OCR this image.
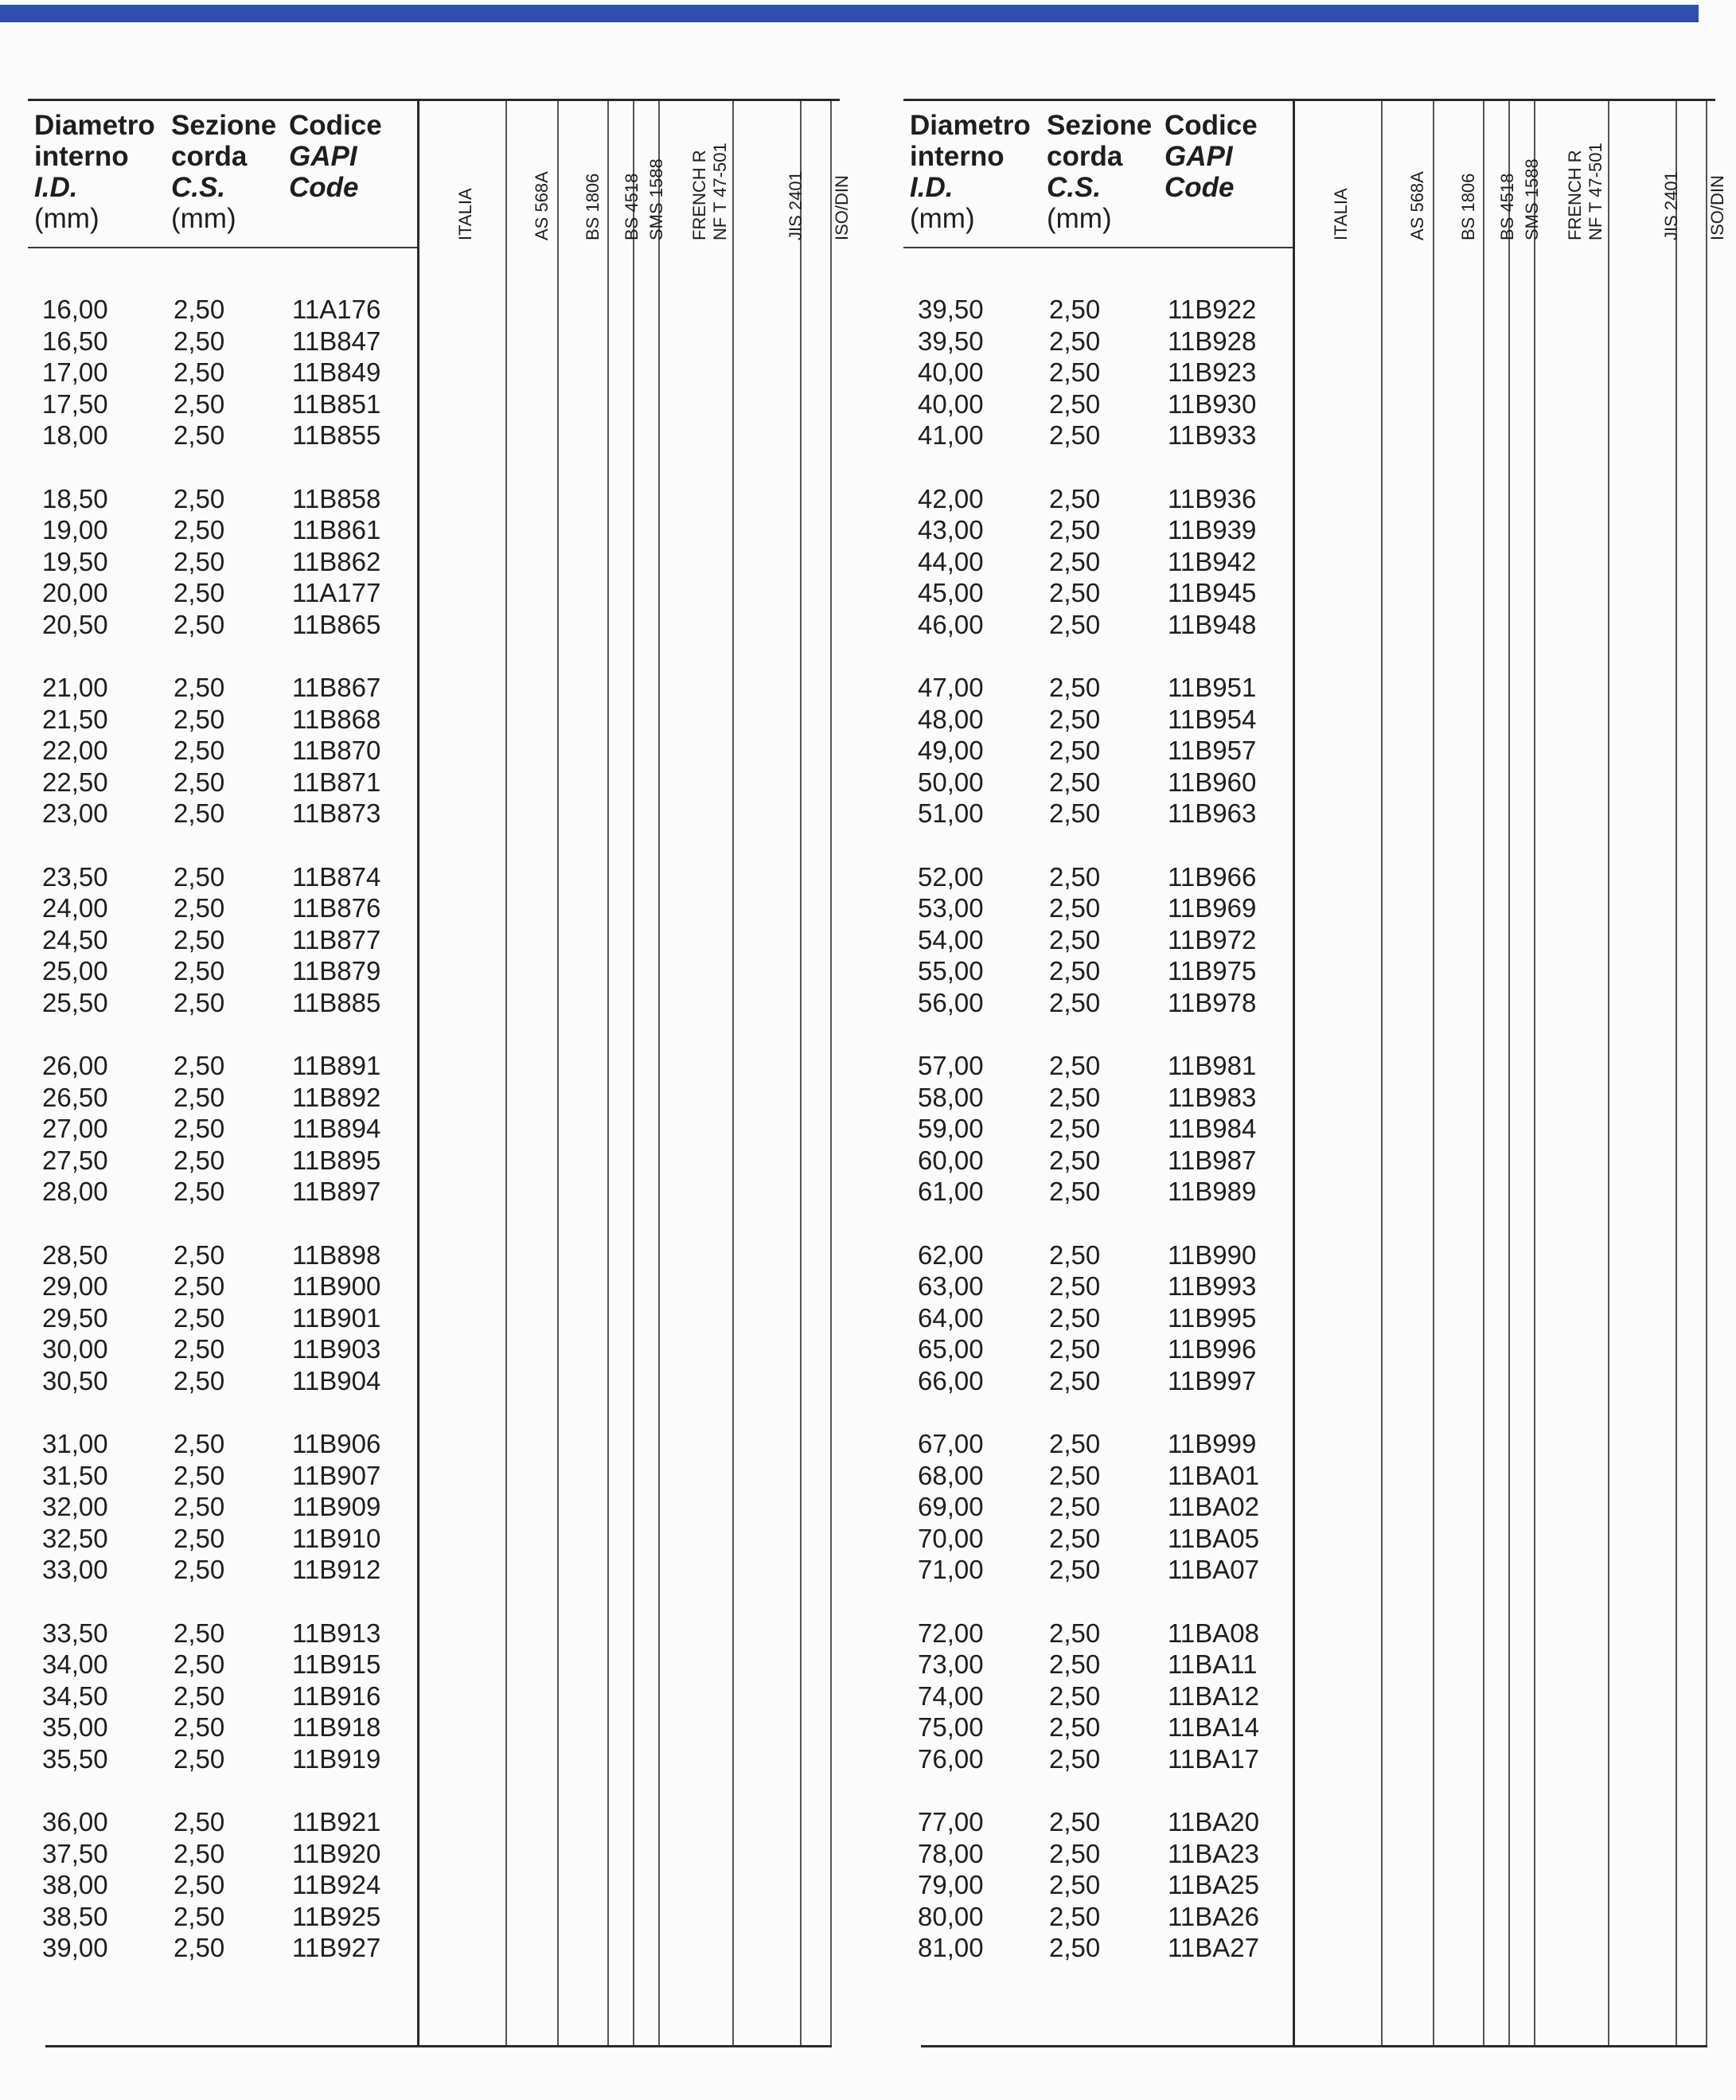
Diametro
interno
I.D.
(mm)
Sezione
corda
C.S.
(mm)
Codice
GAPI
Code
ITALIA	AS 568A BS 1806 BS 4518 SMS 1588 FRENCH R NF T 47-501	JIS 2401 ISO/DIN
16,00 2,50	11A176
16,50 2,50	11B847
17,00 2,50	11B849
17,50 2,50	11B851
18,00 2,50	11B855
18,50 2,50	11B858
19,00 2,50	11B861
19,50 2,50	11B862
20,00 2,50	11A177
20,50 2,50	11B865
21,00 2,50	11B867
21,50 2,50	11B868
22,00 2,50	11B870
22,50 2,50	11B871
23,00 2,50	11B873
23,50 2,50	11B874
24,00 2,50	11B876
24,50 2,50	11B877
25,00 2,50	11B879
25,50 2,50	11B885
26,00 2,50	11B891
26,50 2,50	11B892
27,00 2,50	11B894
27,50 2,50	11B895
28,00 2,50	11B897
28,50 2,50	11B898
29,00 2,50	11B900
29,50 2,50	11B901
30,00 2,50	11B903
30,50 2,50	11B904
31,00 2,50	11B906
31,50 2,50	11B907
32,00 2,50	11B909
32,50 2,50	11B910
33,00 2,50	11B912
33,50 2,50	11B913
34,00 2,50	11B915
34,50 2,50	11B916
35,00 2,50	11B918
35,50 2,50	11B919
36,00 2,50	11B921
37,50 2,50	11B920
38,00 2,50	11B924
38,50 2,50	11B925
39,00 2,50	11B927
Diametro
interno
I.D.
(mm)
Sezione
corda
C.S.
(mm)
Codice
GAPI
Code
ITALIA	AS 568A BS 1806 BS 4518 SMS 1588 FRENCH R NF T 47-501	JIS 2401 ISO/DIN
39,50 2,50	11B922
39,50 2,50	11B928
40,00 2,50	11B923
40,00 2,50	11B930
41,00 2,50	11B933
42,00 2,50	11B936
43,00 2,50	11B939
44,00 2,50	11B942
45,00 2,50	11B945
46,00 2,50	11B948
47,00 2,50	11B951
48,00 2,50	11B954
49,00 2,50	11B957
50,00 2,50	11B960
51,00 2,50	11B963
52,00 2,50	11B966
53,00 2,50	11B969
54,00 2,50	11B972
55,00 2,50	11B975
56,00 2,50	11B978
57,00 2,50	11B981
58,00 2,50	11B983
59,00 2,50	11B984
60,00 2,50	11B987
61,00 2,50	11B989
62,00 2,50	11B990
63,00 2,50	11B993
64,00 2,50	11B995
65,00 2,50	11B996
66,00 2,50	11B997
67,00 2,50	11B999
68,00 2,50	11BA01
69,00 2,50	11BA02
70,00 2,50	11BA05
71,00 2,50	11BA07
72,00 2,50	11BA08
73,00 2,50	11BA11
74,00 2,50	11BA12
75,00 2,50	11BA14
76,00 2,50	11BA17
77,00 2,50	11BA20
78,00 2,50	11BA23
79,00 2,50	11BA25
80,00 2,50	11BA26
81,00 2,50	11BA27
